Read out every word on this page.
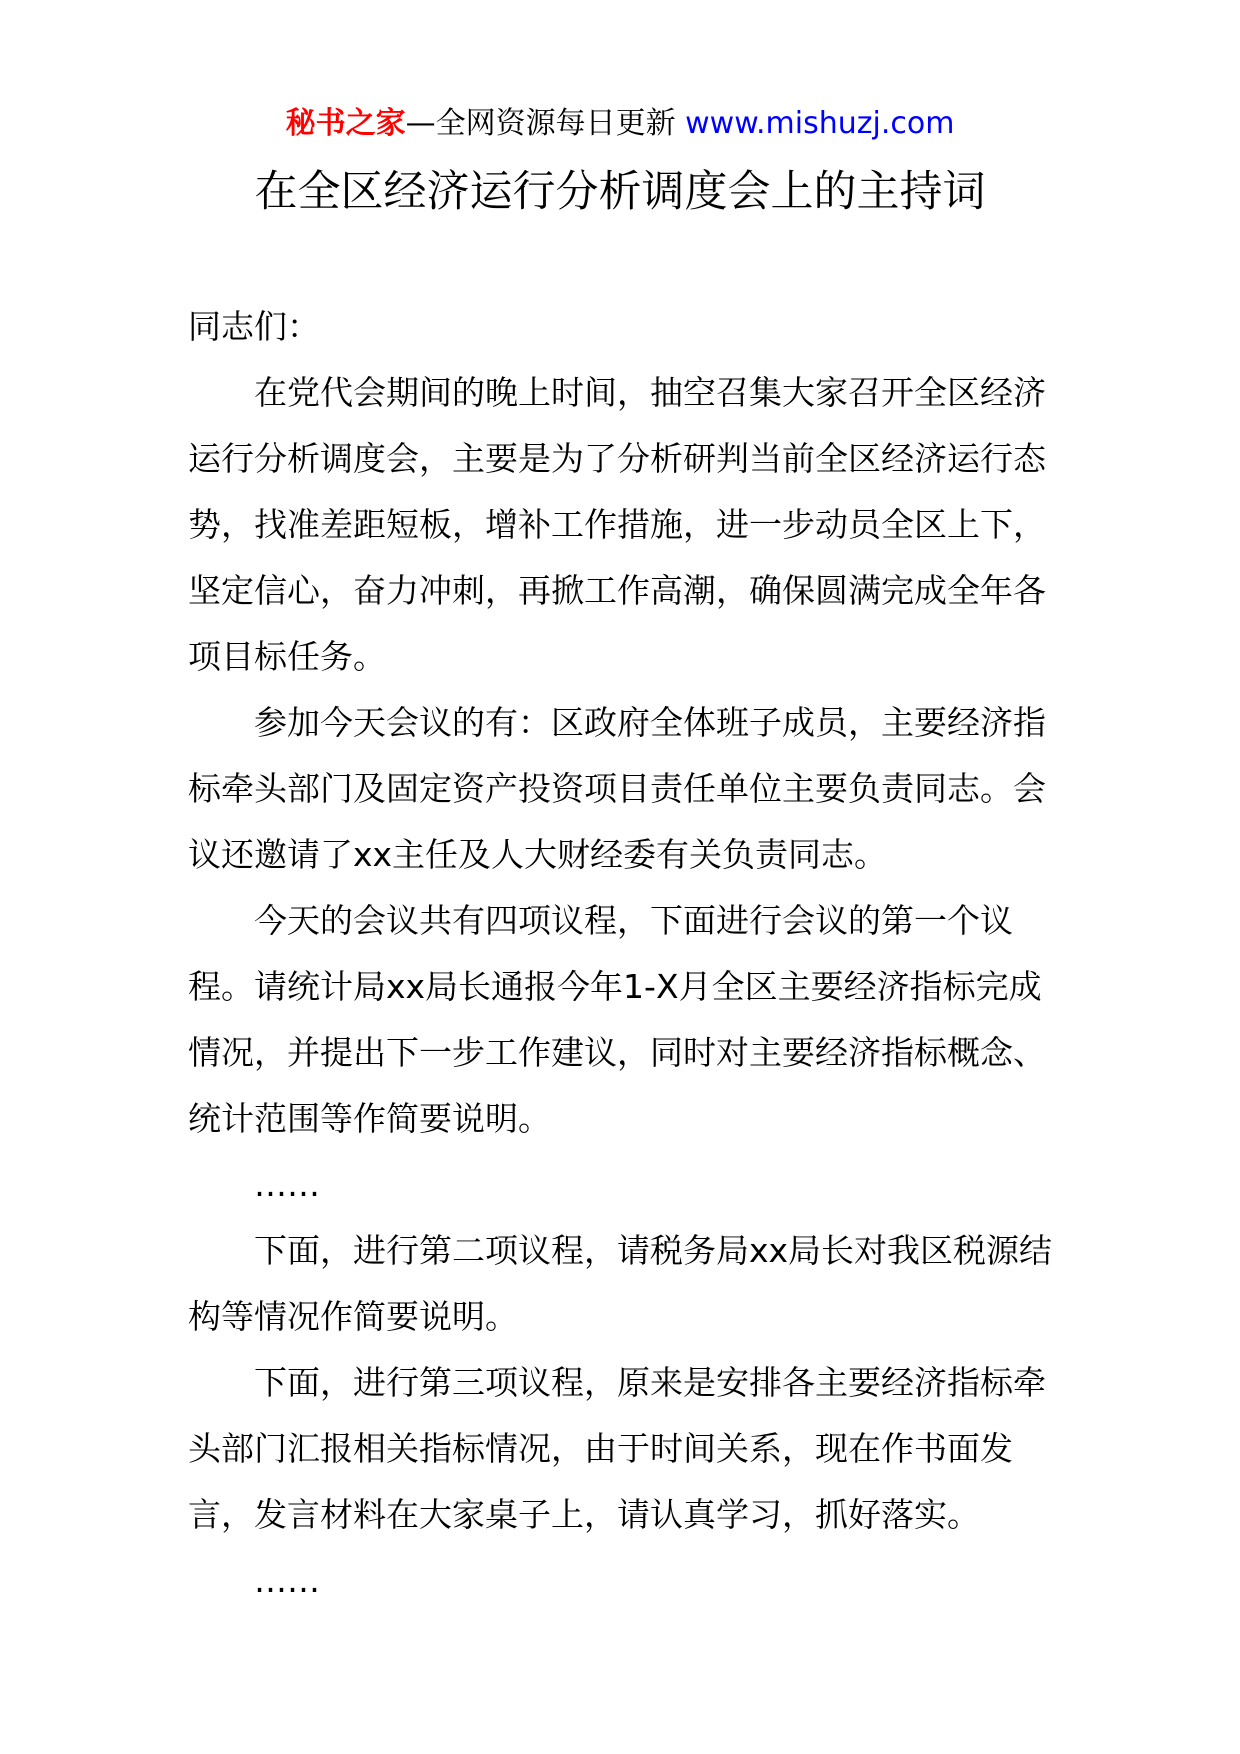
秘书之家—全网资源每日更新 www.mishuzj.com
在全区经济运行分析调度会上的主持词

同志们：

在党代会期间的晚上时间，抽空召集大家召开全区经济运行分析调度会，主要是为了分析研判当前全区经济运行态势，找准差距短板，增补工作措施，进一步动员全区上下，坚定信心，奋力冲刺，再掀工作高潮，确保圆满完成全年各项目标任务。

参加今天会议的有：区政府全体班子成员，主要经济指标牵头部门及固定资产投资项目责任单位主要负责同志。会议还邀请了xx主任及人大财经委有关负责同志。

今天的会议共有四项议程，下面进行会议的第一个议程。请统计局xx局长通报今年1-X月全区主要经济指标完成情况，并提出下一步工作建议，同时对主要经济指标概念、统计范围等作简要说明。

……

下面，进行第二项议程，请税务局xx局长对我区税源结构等情况作简要说明。

下面，进行第三项议程，原来是安排各主要经济指标牵头部门汇报相关指标情况，由于时间关系，现在作书面发言，发言材料在大家桌子上，请认真学习，抓好落实。

……
